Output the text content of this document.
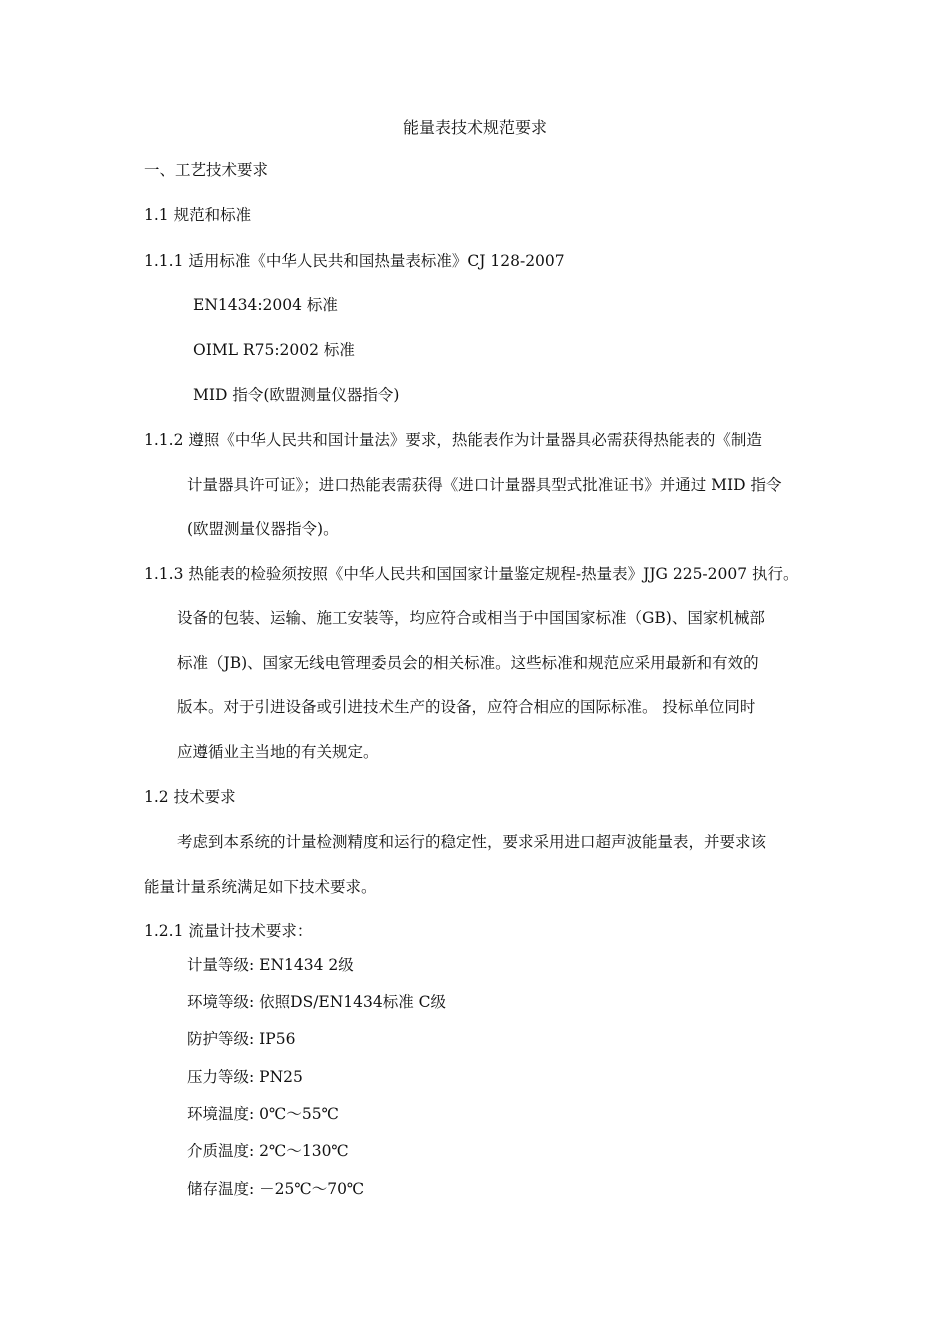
能量表技术规范要求
一、工艺技术要求
1.1 规范和标准
1.1.1 适用标准《中华人民共和国热量表标准》CJ 128-2007
EN1434:2004 标准
OIML R75:2002 标准
MID 指令(欧盟测量仪器指令)
1.1.2 遵照《中华人民共和国计量法》要求，热能表作为计量器具必需获得热能表的《制造
计量器具许可证》；进口热能表需获得《进口计量器具型式批准证书》并通过 MID 指令
(欧盟测量仪器指令)。
1.1.3 热能表的检验须按照《中华人民共和国国家计量鉴定规程-热量表》JJG 225-2007 执行。
设备的包装、运输、施工安装等，均应符合或相当于中国国家标准（GB)、国家机械部
标准（JB)、国家无线电管理委员会的相关标准。这些标准和规范应采用最新和有效的
版本。对于引进设备或引进技术生产的设备，应符合相应的国际标准。 投标单位同时
应遵循业主当地的有关规定。
1.2 技术要求
考虑到本系统的计量检测精度和运行的稳定性，要求采用进口超声波能量表，并要求该
能量计量系统满足如下技术要求。
1.2.1 流量计技术要求：
计量等级: EN1434 2级
环境等级: 依照DS/EN1434标准 C级
防护等级: IP56
压力等级: PN25
环境温度: 0℃～55℃
介质温度: 2℃～130℃
储存温度: －25℃～70℃
